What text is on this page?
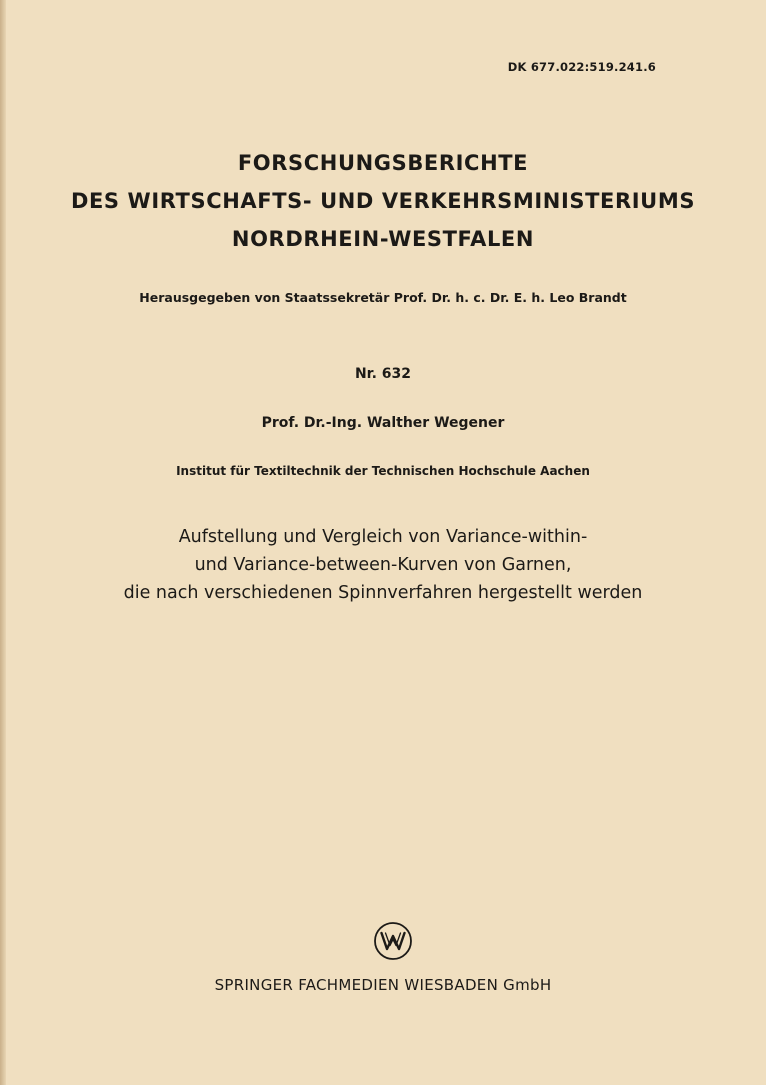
DK 677.022:519.241.6
FORSCHUNGSBERICHTE
DES WIRTSCHAFTS- UND VERKEHRSMINISTERIUMS
NORDRHEIN-WESTFALEN
Herausgegeben von Staatssekretär Prof. Dr. h. c. Dr. E. h. Leo Brandt
Nr. 632
Prof. Dr.-Ing. Walther Wegener
Institut für Textiltechnik der Technischen Hochschule Aachen
Aufstellung und Vergleich von Variance-within-
und Variance-between-Kurven von Garnen,
die nach verschiedenen Spinnverfahren hergestellt werden
SPRINGER FACHMEDIEN WIESBADEN GmbH
